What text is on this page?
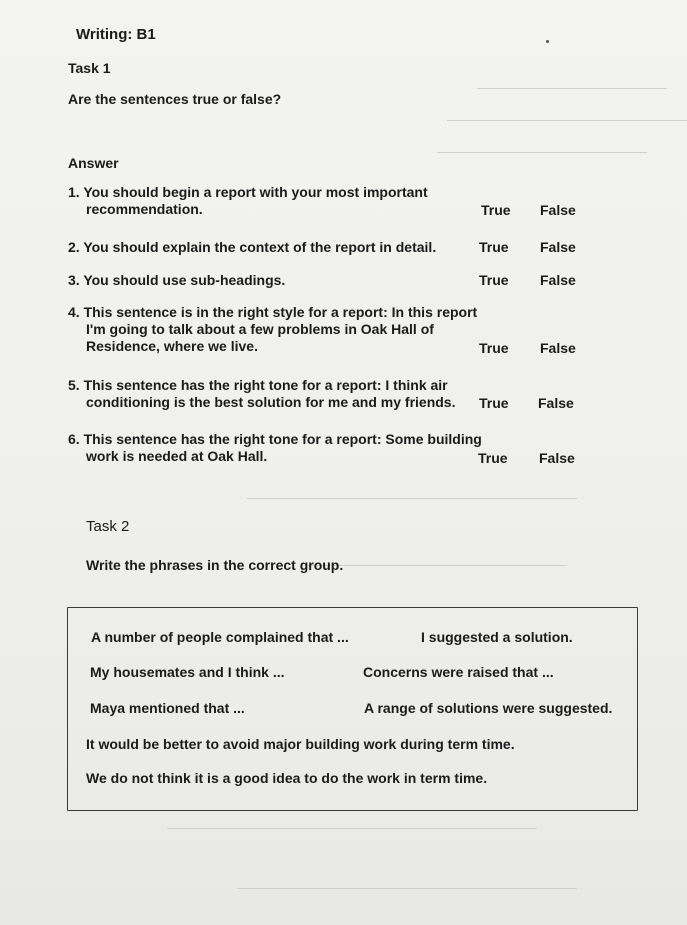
Writing: B1
Task 1
Are the sentences true or false?
Answer
1. You should begin a report with your most important
recommendation.	True False
2. You should explain the context of the report in detail.	True False
3. You should use sub-headings.	True False
4. This sentence is in the right style for a report: In this report
I'm going to talk about a few problems in Oak Hall of
Residence, where we live.	True False
5. This sentence has the right tone for a report: I think air
conditioning is the best solution for me and my friends. True False
6. This sentence has the right tone for a report: Some building
work is needed at Oak Hall.	True False
Task 2
Write the phrases in the correct group.
A number of people complained that ...	I suggested a solution.
My housemates and I think ...	Concerns were raised that ...
Maya mentioned that ...	A range of solutions were suggested.
It would be better to avoid major building work during term time.
We do not think it is a good idea to do the work in term time.
